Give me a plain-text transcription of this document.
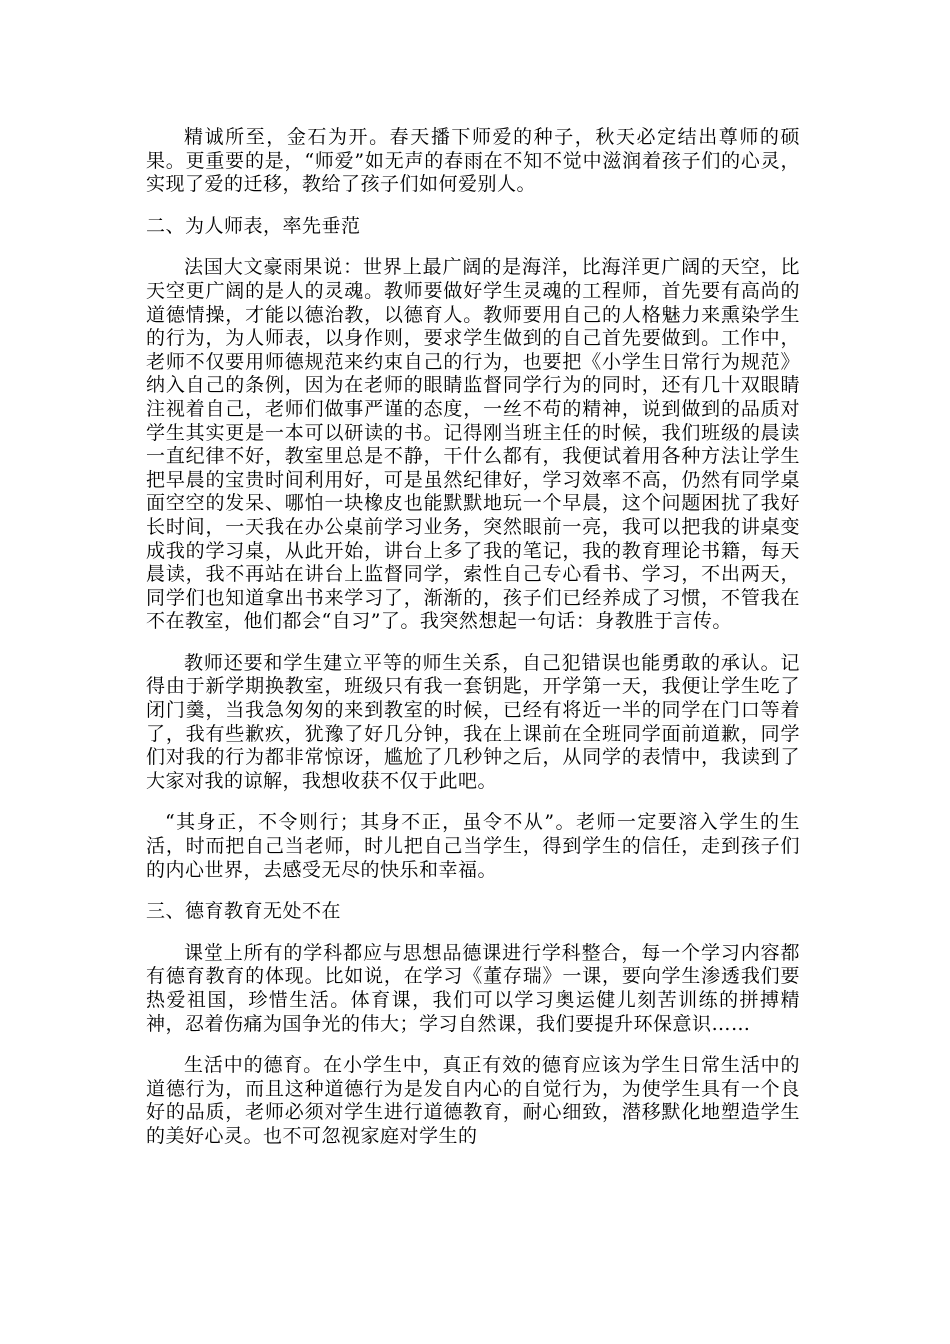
精诚所至，金石为开。春天播下师爱的种子，秋天必定结出尊师的硕果。更重要的是，“师爱”如无声的春雨在不知不觉中滋润着孩子们的心灵，实现了爱的迁移，教给了孩子们如何爱别人。

二、为人师表，率先垂范

法国大文豪雨果说：世界上最广阔的是海洋，比海洋更广阔的天空，比天空更广阔的是人的灵魂。教师要做好学生灵魂的工程师，首先要有高尚的道德情操，才能以德治教，以德育人。教师要用自己的人格魅力来熏染学生的行为，为人师表，以身作则，要求学生做到的自己首先要做到。工作中，老师不仅要用师德规范来约束自己的行为，也要把《小学生日常行为规范》纳入自己的条例，因为在老师的眼睛监督同学行为的同时，还有几十双眼睛注视着自己，老师们做事严谨的态度，一丝不苟的精神，说到做到的品质对学生其实更是一本可以研读的书。记得刚当班主任的时候，我们班级的晨读一直纪律不好，教室里总是不静，干什么都有，我便试着用各种方法让学生把早晨的宝贵时间利用好，可是虽然纪律好，学习效率不高，仍然有同学桌面空空的发呆、哪怕一块橡皮也能默默地玩一个早晨，这个问题困扰了我好长时间，一天我在办公桌前学习业务，突然眼前一亮，我可以把我的讲桌变成我的学习桌，从此开始，讲台上多了我的笔记，我的教育理论书籍，每天晨读，我不再站在讲台上监督同学，索性自己专心看书、学习，不出两天，同学们也知道拿出书来学习了，渐渐的，孩子们已经养成了习惯，不管我在不在教室，他们都会“自习”了。我突然想起一句话：身教胜于言传。

教师还要和学生建立平等的师生关系，自己犯错误也能勇敢的承认。记得由于新学期换教室，班级只有我一套钥匙，开学第一天，我便让学生吃了闭门羹，当我急匆匆的来到教室的时候，已经有将近一半的同学在门口等着了，我有些歉疚，犹豫了好几分钟，我在上课前在全班同学面前道歉，同学们对我的行为都非常惊讶，尴尬了几秒钟之后，从同学的表情中，我读到了大家对我的谅解，我想收获不仅于此吧。

“其身正，不令则行；其身不正，虽令不从”。老师一定要溶入学生的生活，时而把自己当老师，时儿把自己当学生，得到学生的信任，走到孩子们的内心世界，去感受无尽的快乐和幸福。

三、德育教育无处不在

课堂上所有的学科都应与思想品德课进行学科整合，每一个学习内容都有德育教育的体现。比如说，在学习《董存瑞》一课，要向学生渗透我们要热爱祖国，珍惜生活。体育课，我们可以学习奥运健儿刻苦训练的拼搏精神，忍着伤痛为国争光的伟大；学习自然课，我们要提升环保意识……

生活中的德育。在小学生中，真正有效的德育应该为学生日常生活中的道德行为，而且这种道德行为是发自内心的自觉行为，为使学生具有一个良好的品质，老师必须对学生进行道德教育，耐心细致，潜移默化地塑造学生的美好心灵。也不可忽视家庭对学生的
